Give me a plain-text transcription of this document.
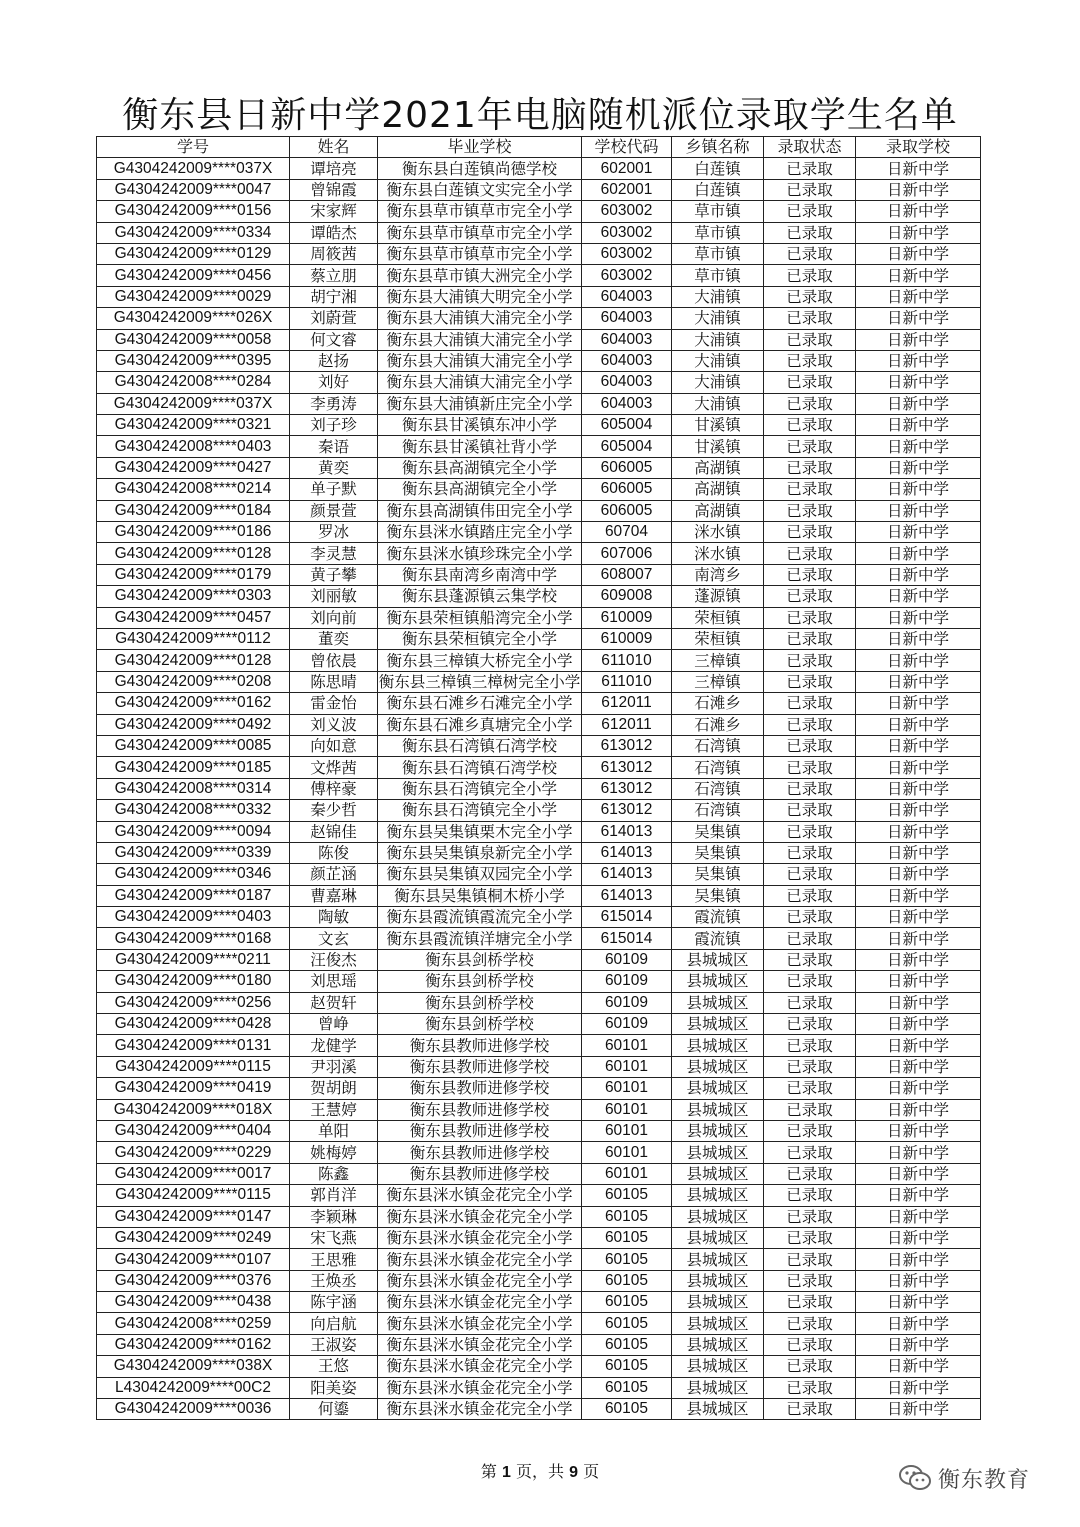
衡东县日新中学2021年电脑随机派位录取学生名单
学号	姓名	毕业学校	学校代码	乡镇名称	录取状态	录取学校
G4304242009****037X	谭培亮	衡东县白莲镇尚德学校	602001	白莲镇	已录取	日新中学
G4304242009****0047	曾锦霞	衡东县白莲镇文实完全小学	602001	白莲镇	已录取	日新中学
G4304242009****0156	宋家辉	衡东县草市镇草市完全小学	603002	草市镇	已录取	日新中学
G4304242009****0334	谭皓杰	衡东县草市镇草市完全小学	603002	草市镇	已录取	日新中学
G4304242009****0129	周筱茜	衡东县草市镇草市完全小学	603002	草市镇	已录取	日新中学
G4304242009****0456	蔡立朋	衡东县草市镇大洲完全小学	603002	草市镇	已录取	日新中学
G4304242009****0029	胡宁湘	衡东县大浦镇大明完全小学	604003	大浦镇	已录取	日新中学
G4304242009****026X	刘蔚萱	衡东县大浦镇大浦完全小学	604003	大浦镇	已录取	日新中学
G4304242009****0058	何文睿	衡东县大浦镇大浦完全小学	604003	大浦镇	已录取	日新中学
G4304242009****0395	赵扬	衡东县大浦镇大浦完全小学	604003	大浦镇	已录取	日新中学
G4304242008****0284	刘好	衡东县大浦镇大浦完全小学	604003	大浦镇	已录取	日新中学
G4304242009****037X	李勇涛	衡东县大浦镇新庄完全小学	604003	大浦镇	已录取	日新中学
G4304242009****0321	刘子珍	衡东县甘溪镇东冲小学	605004	甘溪镇	已录取	日新中学
G4304242008****0403	秦语	衡东县甘溪镇社背小学	605004	甘溪镇	已录取	日新中学
G4304242009****0427	黄奕	衡东县高湖镇完全小学	606005	高湖镇	已录取	日新中学
G4304242008****0214	单子默	衡东县高湖镇完全小学	606005	高湖镇	已录取	日新中学
G4304242009****0184	颜景萱	衡东县高湖镇伟田完全小学	606005	高湖镇	已录取	日新中学
G4304242009****0186	罗冰	衡东县洣水镇踏庄完全小学	60704	洣水镇	已录取	日新中学
G4304242009****0128	李灵慧	衡东县洣水镇珍珠完全小学	607006	洣水镇	已录取	日新中学
G4304242009****0179	黄子攀	衡东县南湾乡南湾中学	608007	南湾乡	已录取	日新中学
G4304242009****0303	刘丽敏	衡东县蓬源镇云集学校	609008	蓬源镇	已录取	日新中学
G4304242009****0457	刘向前	衡东县荣桓镇船湾完全小学	610009	荣桓镇	已录取	日新中学
G4304242009****0112	董奕	衡东县荣桓镇完全小学	610009	荣桓镇	已录取	日新中学
G4304242009****0128	曾依晨	衡东县三樟镇大桥完全小学	611010	三樟镇	已录取	日新中学
G4304242009****0208	陈思晴	衡东县三樟镇三樟树完全小学	611010	三樟镇	已录取	日新中学
G4304242009****0162	雷金怡	衡东县石滩乡石滩完全小学	612011	石滩乡	已录取	日新中学
G4304242009****0492	刘义波	衡东县石滩乡真塘完全小学	612011	石滩乡	已录取	日新中学
G4304242009****0085	向如意	衡东县石湾镇石湾学校	613012	石湾镇	已录取	日新中学
G4304242009****0185	文烨茜	衡东县石湾镇石湾学校	613012	石湾镇	已录取	日新中学
G4304242008****0314	傅梓豪	衡东县石湾镇完全小学	613012	石湾镇	已录取	日新中学
G4304242008****0332	秦少哲	衡东县石湾镇完全小学	613012	石湾镇	已录取	日新中学
G4304242009****0094	赵锦佳	衡东县吴集镇栗木完全小学	614013	吴集镇	已录取	日新中学
G4304242009****0339	陈俊	衡东县吴集镇泉新完全小学	614013	吴集镇	已录取	日新中学
G4304242009****0346	颜芷涵	衡东县吴集镇双园完全小学	614013	吴集镇	已录取	日新中学
G4304242009****0187	曹嘉琳	衡东县吴集镇桐木桥小学	614013	吴集镇	已录取	日新中学
G4304242009****0403	陶敏	衡东县霞流镇霞流完全小学	615014	霞流镇	已录取	日新中学
G4304242009****0168	文玄	衡东县霞流镇洋塘完全小学	615014	霞流镇	已录取	日新中学
G4304242009****0211	汪俊杰	衡东县剑桥学校	60109	县城城区	已录取	日新中学
G4304242009****0180	刘思瑶	衡东县剑桥学校	60109	县城城区	已录取	日新中学
G4304242009****0256	赵贺轩	衡东县剑桥学校	60109	县城城区	已录取	日新中学
G4304242009****0428	曾峥	衡东县剑桥学校	60109	县城城区	已录取	日新中学
G4304242009****0131	龙健学	衡东县教师进修学校	60101	县城城区	已录取	日新中学
G4304242009****0115	尹羽溪	衡东县教师进修学校	60101	县城城区	已录取	日新中学
G4304242009****0419	贺胡朗	衡东县教师进修学校	60101	县城城区	已录取	日新中学
G4304242009****018X	王慧婷	衡东县教师进修学校	60101	县城城区	已录取	日新中学
G4304242009****0404	单阳	衡东县教师进修学校	60101	县城城区	已录取	日新中学
G4304242009****0229	姚梅婷	衡东县教师进修学校	60101	县城城区	已录取	日新中学
G4304242009****0017	陈鑫	衡东县教师进修学校	60101	县城城区	已录取	日新中学
G4304242009****0115	郭肖洋	衡东县洣水镇金花完全小学	60105	县城城区	已录取	日新中学
G4304242009****0147	李颖琳	衡东县洣水镇金花完全小学	60105	县城城区	已录取	日新中学
G4304242009****0249	宋飞燕	衡东县洣水镇金花完全小学	60105	县城城区	已录取	日新中学
G4304242009****0107	王思雅	衡东县洣水镇金花完全小学	60105	县城城区	已录取	日新中学
G4304242009****0376	王焕丞	衡东县洣水镇金花完全小学	60105	县城城区	已录取	日新中学
G4304242009****0438	陈宇涵	衡东县洣水镇金花完全小学	60105	县城城区	已录取	日新中学
G4304242008****0259	向启航	衡东县洣水镇金花完全小学	60105	县城城区	已录取	日新中学
G4304242009****0162	王淑姿	衡东县洣水镇金花完全小学	60105	县城城区	已录取	日新中学
G4304242009****038X	王悠	衡东县洣水镇金花完全小学	60105	县城城区	已录取	日新中学
L4304242009****00C2	阳美姿	衡东县洣水镇金花完全小学	60105	县城城区	已录取	日新中学
G4304242009****0036	何鎏	衡东县洣水镇金花完全小学	60105	县城城区	已录取	日新中学
第 1 页，共 9 页	衡东教育
